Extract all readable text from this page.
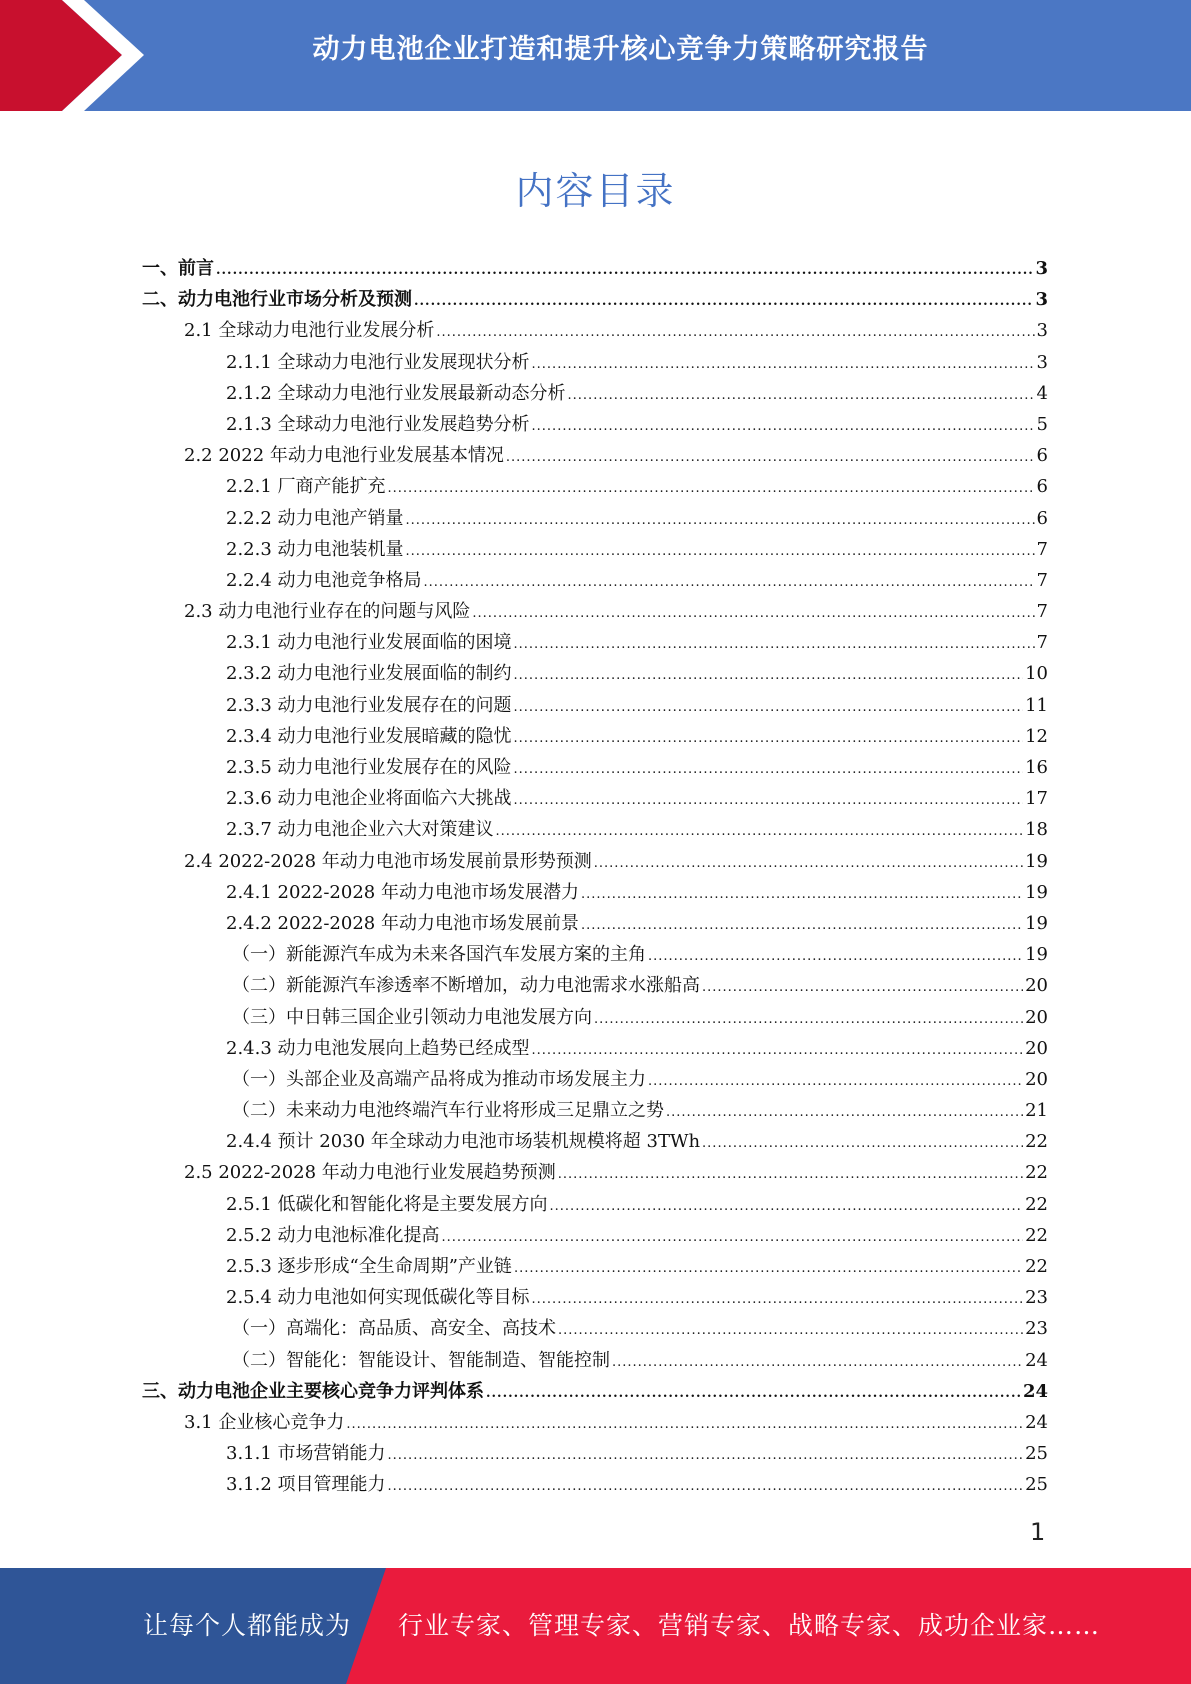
动力电池企业打造和提升核心竞争力策略研究报告
内容目录
一、前言 .....	3
二、动力电池行业市场分析及预测 .....	3
2.1 全球动力电池行业发展分析 .....	3
2.1.1 全球动力电池行业发展现状分析 .....	3
2.1.2 全球动力电池行业发展最新动态分析 .....	4
2.1.3 全球动力电池行业发展趋势分析 .....	5
2.2 2022 年动力电池行业发展基本情况 .....	6
2.2.1 厂商产能扩充 .....	6
2.2.2 动力电池产销量 .....	6
2.2.3 动力电池装机量 .....	7
2.2.4 动力电池竞争格局 .....	7
2.3 动力电池行业存在的问题与风险 .....	7
2.3.1 动力电池行业发展面临的困境 .....	7
2.3.2 动力电池行业发展面临的制约 .....	10
2.3.3 动力电池行业发展存在的问题 .....	11
2.3.4 动力电池行业发展暗藏的隐忧 .....	12
2.3.5 动力电池行业发展存在的风险 .....	16
2.3.6 动力电池企业将面临六大挑战 .....	17
2.3.7 动力电池企业六大对策建议 .....	18
2.4 2022-2028 年动力电池市场发展前景形势预测 .....	19
2.4.1 2022-2028 年动力电池市场发展潜力 .....	19
2.4.2 2022-2028 年动力电池市场发展前景 .....	19
（一）新能源汽车成为未来各国汽车发展方案的主角 .....	19
（二）新能源汽车渗透率不断增加，动力电池需求水涨船高 .....	20
（三）中日韩三国企业引领动力电池发展方向 .....	20
2.4.3 动力电池发展向上趋势已经成型 .....	20
（一）头部企业及高端产品将成为推动市场发展主力 .....	20
（二）未来动力电池终端汽车行业将形成三足鼎立之势 .....	21
2.4.4 预计 2030 年全球动力电池市场装机规模将超 3TWh .....	22
2.5 2022-2028 年动力电池行业发展趋势预测 .....	22
2.5.1 低碳化和智能化将是主要发展方向 .....	22
2.5.2 动力电池标准化提高 .....	22
2.5.3 逐步形成“全生命周期”产业链 .....	22
2.5.4 动力电池如何实现低碳化等目标 .....	23
（一）高端化：高品质、高安全、高技术 .....	23
（二）智能化：智能设计、智能制造、智能控制 .....	24
三、动力电池企业主要核心竞争力评判体系 .....	24
3.1 企业核心竞争力 .....	24
3.1.1 市场营销能力 .....	25
3.1.2 项目管理能力 .....	25
1
让每个人都能成为 行业专家、管理专家、营销专家、战略专家、成功企业家……
